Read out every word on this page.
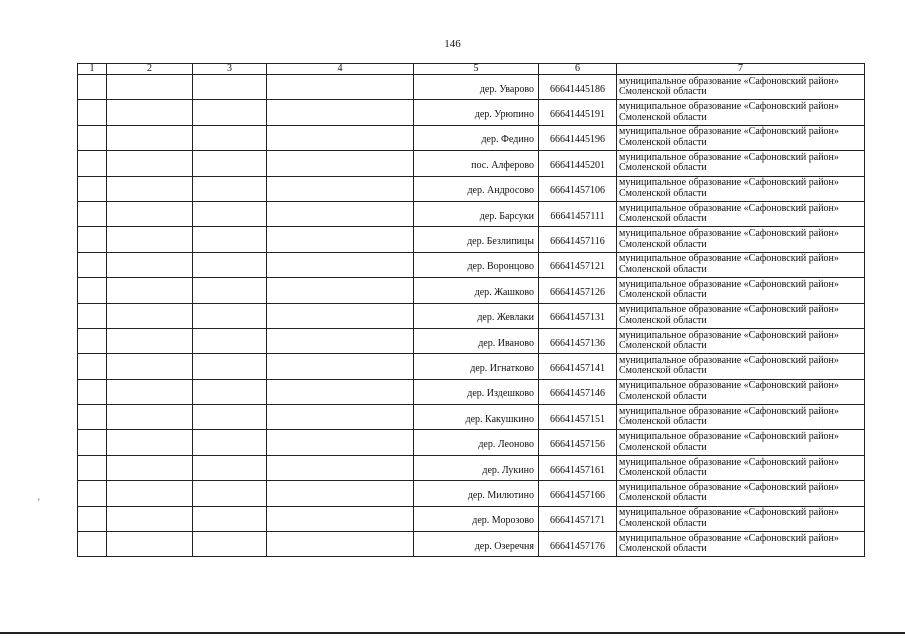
146
1	2	3	4	5	6	7
				дер. Уварово	66641445186	муниципальное образование «Сафоновский район»
Смоленской области

				дер. Урюпино	66641445191	муниципальное образование «Сафоновский район»
Смоленской области

				дер. Федино	66641445196	муниципальное образование «Сафоновский район»
Смоленской области

				пос. Алферово	66641445201	муниципальное образование «Сафоновский район»
Смоленской области

				дер. Андросово	66641457106	муниципальное образование «Сафоновский район»
Смоленской области

				дер. Барсуки	66641457111	муниципальное образование «Сафоновский район»
Смоленской области

				дер. Безлипицы	66641457116	муниципальное образование «Сафоновский район»
Смоленской области

				дер. Воронцово	66641457121	муниципальное образование «Сафоновский район»
Смоленской области

				дер. Жашково	66641457126	муниципальное образование «Сафоновский район»
Смоленской области

				дер. Жевлаки	66641457131	муниципальное образование «Сафоновский район»
Смоленской области

				дер. Иваново	66641457136	муниципальное образование «Сафоновский район»
Смоленской области

				дер. Игнатково	66641457141	муниципальное образование «Сафоновский район»
Смоленской области

				дер. Издешково	66641457146	муниципальное образование «Сафоновский район»
Смоленской области

				дер. Какушкино	66641457151	муниципальное образование «Сафоновский район»
Смоленской области

				дер. Леоново	66641457156	муниципальное образование «Сафоновский район»
Смоленской области

				дер. Лукино	66641457161	муниципальное образование «Сафоновский район»
Смоленской области

				дер. Милютино	66641457166	муниципальное образование «Сафоновский район»
Смоленской области

				дер. Морозово	66641457171	муниципальное образование «Сафоновский район»
Смоленской области

				дер. Озеречня	66641457176	муниципальное образование «Сафоновский район»
Смоленской области
'
